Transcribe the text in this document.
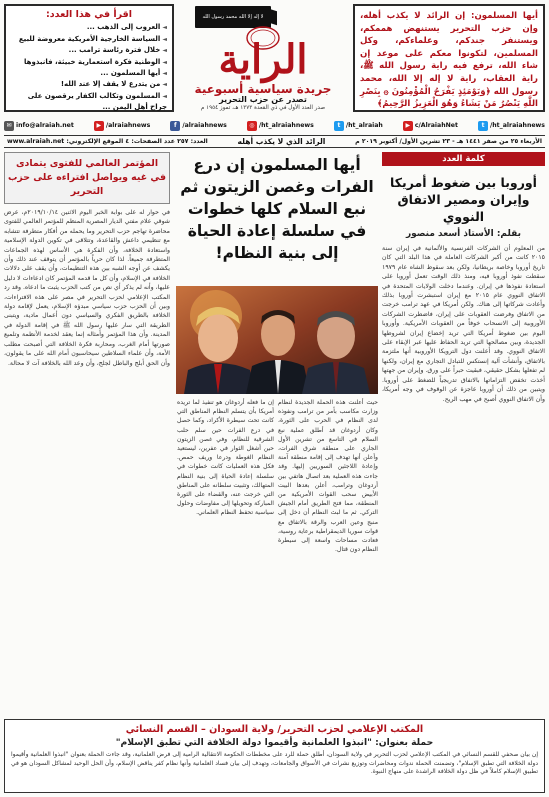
أيها المسلمون: إن الرائد لا يكذب أهله، وإن حزب التحرير يستنهض هممكم، ويستنفر جندكم، وعلماءكم، وكل المسلمين، لتكونوا معكم على موعد إن شاء الله، ترفع فيه راية رسول الله ﷺ، راية العقاب، راية لا إله إلا الله، محمد رسول الله ﴿وَيَوْمَئِذٍ يَفْرَحُ الْمُؤْمِنُونَ ۞ بِنَصْرِ اللَّهِ يَنْصُرُ مَنْ يَشَاءُ وَهُوَ الْعَزِيزُ الرَّحِيمُ﴾
لا إله إلا الله محمد رسول الله
الراية
جريدة سياسية أسبوعية
تصدر عن حزب التحرير
صدر العدد الأول في ذي القعدة ١٣٧٣ هـ، تموز ١٩٥٤ م
اقرأ في هذا العدد:
◄ العروب إلى الذهب ...
◄ السياسة الخارجية الأمريكية معروضة للبيع
◄ خلال فترة رئاسة ترامب ...
◄ الوطنية فكرة استعمارية خبيثة، فانبذوها
◄ أيها المسلمون ...
◄ من يتدرع لا يقف إلا عند الله!
◄ المسلمون وتكالب الكفار يرقصون على جراح أهل اليمن ...
✉ info@alraiah.net	▶ /alraiahnews	f /alraiahnews	◎ /ht_alraiahnews	t /ht_alraiah	▶ c/AlraiahNet	t /ht_alraiahnews
الأربعاء ٢٥ من صفر ١٤٤١ هـ - ٢٣ تشرين الأول/ أكتوبر ٢٠١٩ م
الرائد الذي لا يكذب أهله
العدد: ٢٥٧ عدد الصفحات: ٤ الموقع الإلكتروني: www.alraiah.net
كلمة العدد
أوروبا بين ضغوط أمريكا وإيران ومصير الاتفاق النووي
بقلم: الأستاذ أسعد منصور
من المعلوم أن الشركات الفرنسية والألمانية في إيران سنة ٢٠١٥ كانت من أكبر الشركات العاملة في هذا البلد التي كان تاريخ أوروبا وخاصة بريطانيا، ولكن بعد سقوط الشاه عام ١٩٧٩ سقطت نفوذ أوروبا فيه، ومنذ ذلك الوقت تعمل أوروبا على استعادة نفوذها في إيران. وعندما دخلت الولايات المتحدة في الاتفاق النووي عام ٢٠١٥ مع إيران استبشرت أوروبا بذلك وأعادت شركاتها إلى هناك. ولكن أمريكا في عهد ترامب خرجت من الاتفاق وفرضت العقوبات على إيران، فاضطرت الشركات الأوروبية إلى الانسحاب خوفاً من العقوبات الأمريكية. وأوروبا اليوم بين ضغوط أمريكا التي تريد إخضاع إيران لشروطها الجديدة، وبين مصالحها التي تريد الحفاظ عليها عبر الإبقاء على الاتفاق النووي. وقد أعلنت دول الترويكا الأوروبية أنها ملتزمة بالاتفاق، وأنشأت آلية إنستكس للتبادل التجاري مع إيران، ولكنها لم تفعلها بشكل حقيقي، فبقيت حبراً على ورق. وإيران من جهتها أخذت تخفض التزاماتها بالاتفاق تدريجياً للضغط على أوروبا. ويتبين من ذلك أن أوروبا عاجزة عن الوقوف في وجه أمريكا، وأن الاتفاق النووي أصبح في مهب الريح.
أيها المسلمون إن درع الفرات وغصن الزيتون ثم نبع السلام كلها خطوات في سلسلة إعادة الحياة إلى بنية النظام!
المؤتمر العالمي للفتوى يتمادى في غيه ويواصل افتراءه على حزب التحرير
في حوار له على بوابة الخبر اليوم الاثنين ٢٠١٩/١٠/١٤م، عرض شوقي علام مفتي الديار المصرية المنظم للمؤتمر العالمي للفتوى محاضرة تهاجم حزب التحرير وما يحمله من أفكار متطرفة تتشابه مع تنظيمي داعش والقاعدة، وتتلاقى في تكوين الدولة الإسلامية واستعادة الخلافة، وأن الفكرة هي الأساس لهذه الجماعات المتطرفة جميعاً. لذا كان حرياً بالمؤتمر أن يتوقف عند ذلك وأن يكشف عن أوجه الشبه بين هذه التنظيمات، وأن يقف على دلالات الخلافة في الإسلام، وأن كل ما قدمه المؤتمر كان ادعاءات لا دليل عليها، وأنه لم يذكر أي نص من كتب الحزب يثبت ما ادعاه. وقد رد المكتب الإعلامي لحزب التحرير في مصر على هذه الافتراءات، وبين أن الحزب حزب سياسي مبدؤه الإسلام، يعمل لإقامة دولة الخلافة بالطريق الفكري والسياسي دون أعمال مادية، ويتبنى الطريقة التي سار عليها رسول الله ﷺ في إقامة الدولة في المدينة. وأن هذا المؤتمر وأمثاله إنما يعقد لخدمة الأنظمة وتلميع صورتها أمام الغرب، ومحاربة فكرة الخلافة التي أصبحت مطلب الأمة، وأن علماء السلاطين سيحاسبون أمام الله على ما يقولون، وأن الحق أبلج والباطل لجلج، وأن وعد الله بالخلافة آت لا محالة.
حيث أعلنت هذه الحملة الجديدة لنظام وزارت مكاسب بأمر من ترامب ونفوذه لدى النظام في الحرب على الثورة، وكان أردوغان قد أطلق عملية نبع السلام في التاسع من تشرين الأول الجاري على منطقة شرق الفرات، وأعلن أنها تهدف إلى إقامة منطقة آمنة وإعادة اللاجئين السوريين إليها. وقد جاءت هذه العملية بعد اتصال هاتفي بين أردوغان وترامب، أعلن بعدها البيت الأبيض سحب القوات الأمريكية من المنطقة، مما فتح الطريق أمام الجيش التركي. ثم ما لبث النظام أن دخل إلى منبج وعين العرب والرقة بالاتفاق مع قوات سوريا الديمقراطية برعاية روسية، فعادت مساحات واسعة إلى سيطرة النظام دون قتال.
إن ما فعله أردوغان هو تنفيذ لما تريده أمريكا بأن يتسلم النظام المناطق التي كانت تحت سيطرة الأكراد، وكما حصل في درع الفرات حين سلم حلب الشرقية للنظام، وفي غصن الزيتون حين أشغل الثوار في عفرين، ليستعيد النظام الغوطة ودرعا وريف حمص. فكل هذه العمليات كانت خطوات في سلسلة إعادة الحياة إلى بنية النظام المتهالك، وتثبيت سلطانه على المناطق التي خرجت عنه، والقضاء على الثورة المباركة وتحويلها إلى مفاوضات وحلول سياسية تحفظ النظام العلماني.
المكتب الإعلامي لحزب التحرير/ ولاية السودان – القسم النسائي
حملة بعنوان: "انبذوا العلمانية وأقيموا دولة الخلافة التي تطبق الإسلام"
إن بيان صحفي للقسم النسائي في المكتب الإعلامي لحزب التحرير في ولاية السودان، أطلق حملة للرد على مخططات الحكومة الانتقالية الرامية إلى فرض العلمانية، وقد جاءت الحملة بعنوان "انبذوا العلمانية وأقيموا دولة الخلافة التي تطبق الإسلام"، وتضمنت الحملة ندوات ومحاضرات وتوزيع نشرات في الأسواق والجامعات، وتهدف إلى بيان فساد العلمانية وأنها نظام كفر يناقض الإسلام، وأن الحل الوحيد لمشاكل السودان هو في تطبيق الإسلام كاملاً في ظل دولة الخلافة الراشدة على منهاج النبوة.
